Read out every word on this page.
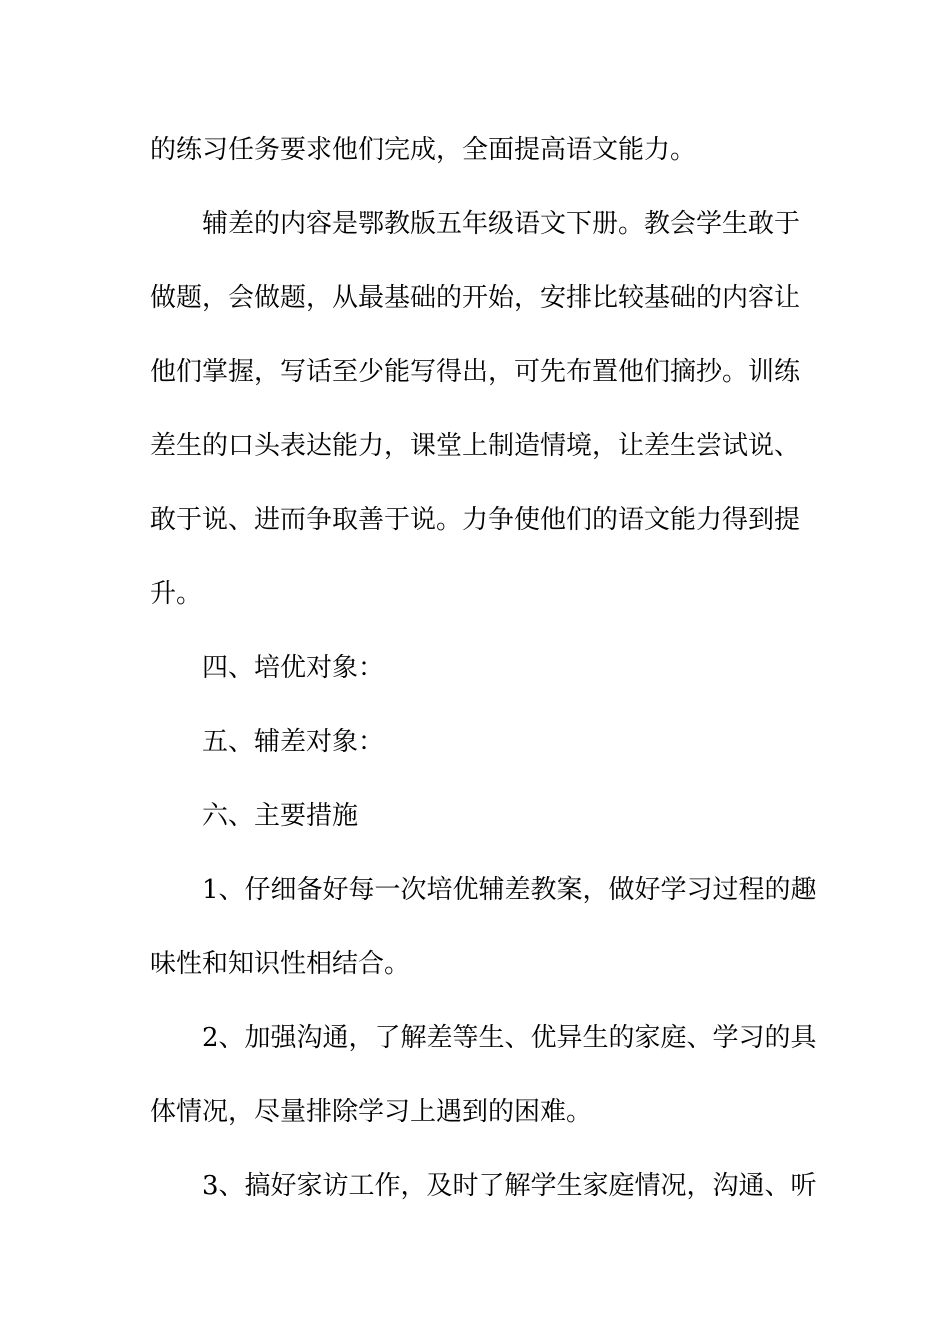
的练习任务要求他们完成，全面提高语文能力。
辅差的内容是鄂教版五年级语文下册。教会学生敢于
做题，会做题，从最基础的开始，安排比较基础的内容让
他们掌握，写话至少能写得出，可先布置他们摘抄。训练
差生的口头表达能力，课堂上制造情境，让差生尝试说、
敢于说、进而争取善于说。力争使他们的语文能力得到提
升。
四、培优对象：
五、辅差对象：
六、主要措施
1、仔细备好每一次培优辅差教案，做好学习过程的趣
味性和知识性相结合。
2、加强沟通，了解差等生、优异生的家庭、学习的具
体情况，尽量排除学习上遇到的困难。
3、搞好家访工作，及时了解学生家庭情况，沟通、听
